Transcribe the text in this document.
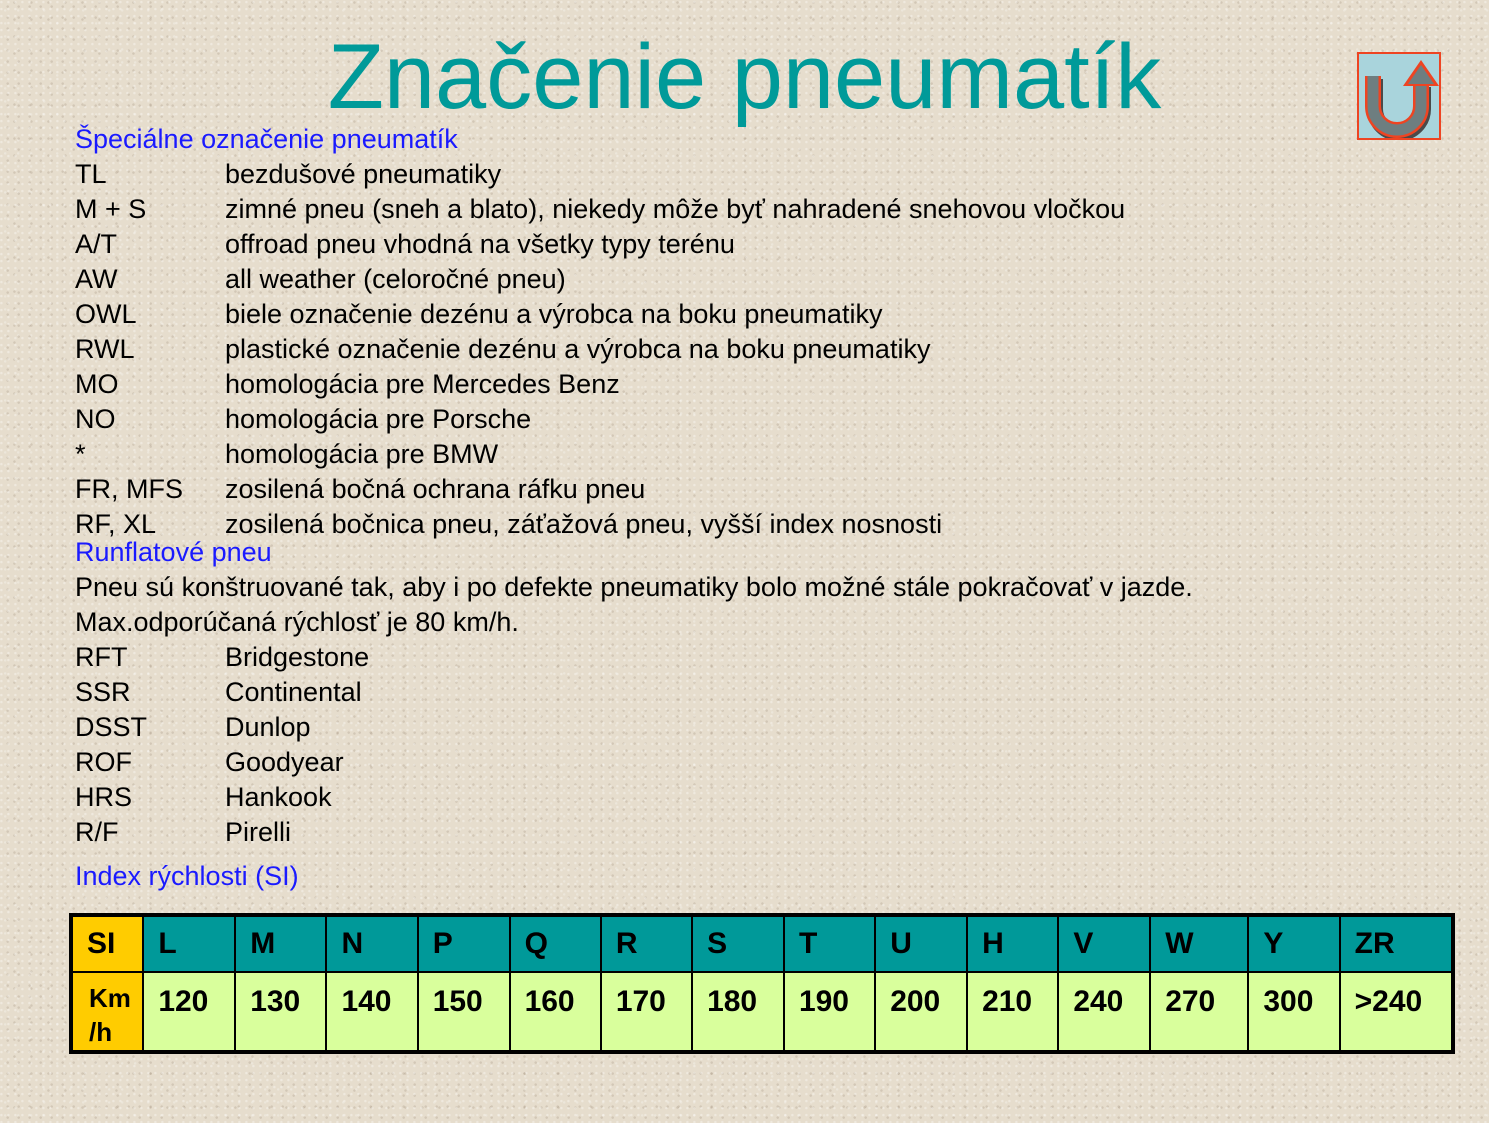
Značenie pneumatík
Špeciálne označenie pneumatík
TL	bezdušové pneumatiky
M + S	zimné pneu (sneh a blato), niekedy môže byť nahradené snehovou vločkou
A/T	offroad pneu vhodná na všetky typy terénu
AW	all weather (celoročné pneu)
OWL	biele označenie dezénu a výrobca na boku pneumatiky
RWL	plastické označenie dezénu a výrobca na boku pneumatiky
MO	homologácia pre Mercedes Benz
NO	homologácia pre Porsche
*	homologácia pre BMW
FR, MFS zosilená bočná ochrana ráfku pneu
RF, XL	zosilená bočnica pneu, záťažová pneu, vyšší index nosnosti
Runflatové pneu
Pneu sú konštruované tak, aby i po defekte pneumatiky bolo možné stále pokračovať v jazde.
Max.odporúčaná rýchlosť je 80 km/h.
RFT	Bridgestone
SSR	Continental
DSST	Dunlop
ROF	Goodyear
HRS	Hankook
R/F	Pirelli
Index rýchlosti (SI)
SI	L	M	N	P	Q	R	S	T	U	H	V	W	Y	ZR
Km
/h	120	130	140	150	160	170	180	190	200	210	240	270	300	>240
